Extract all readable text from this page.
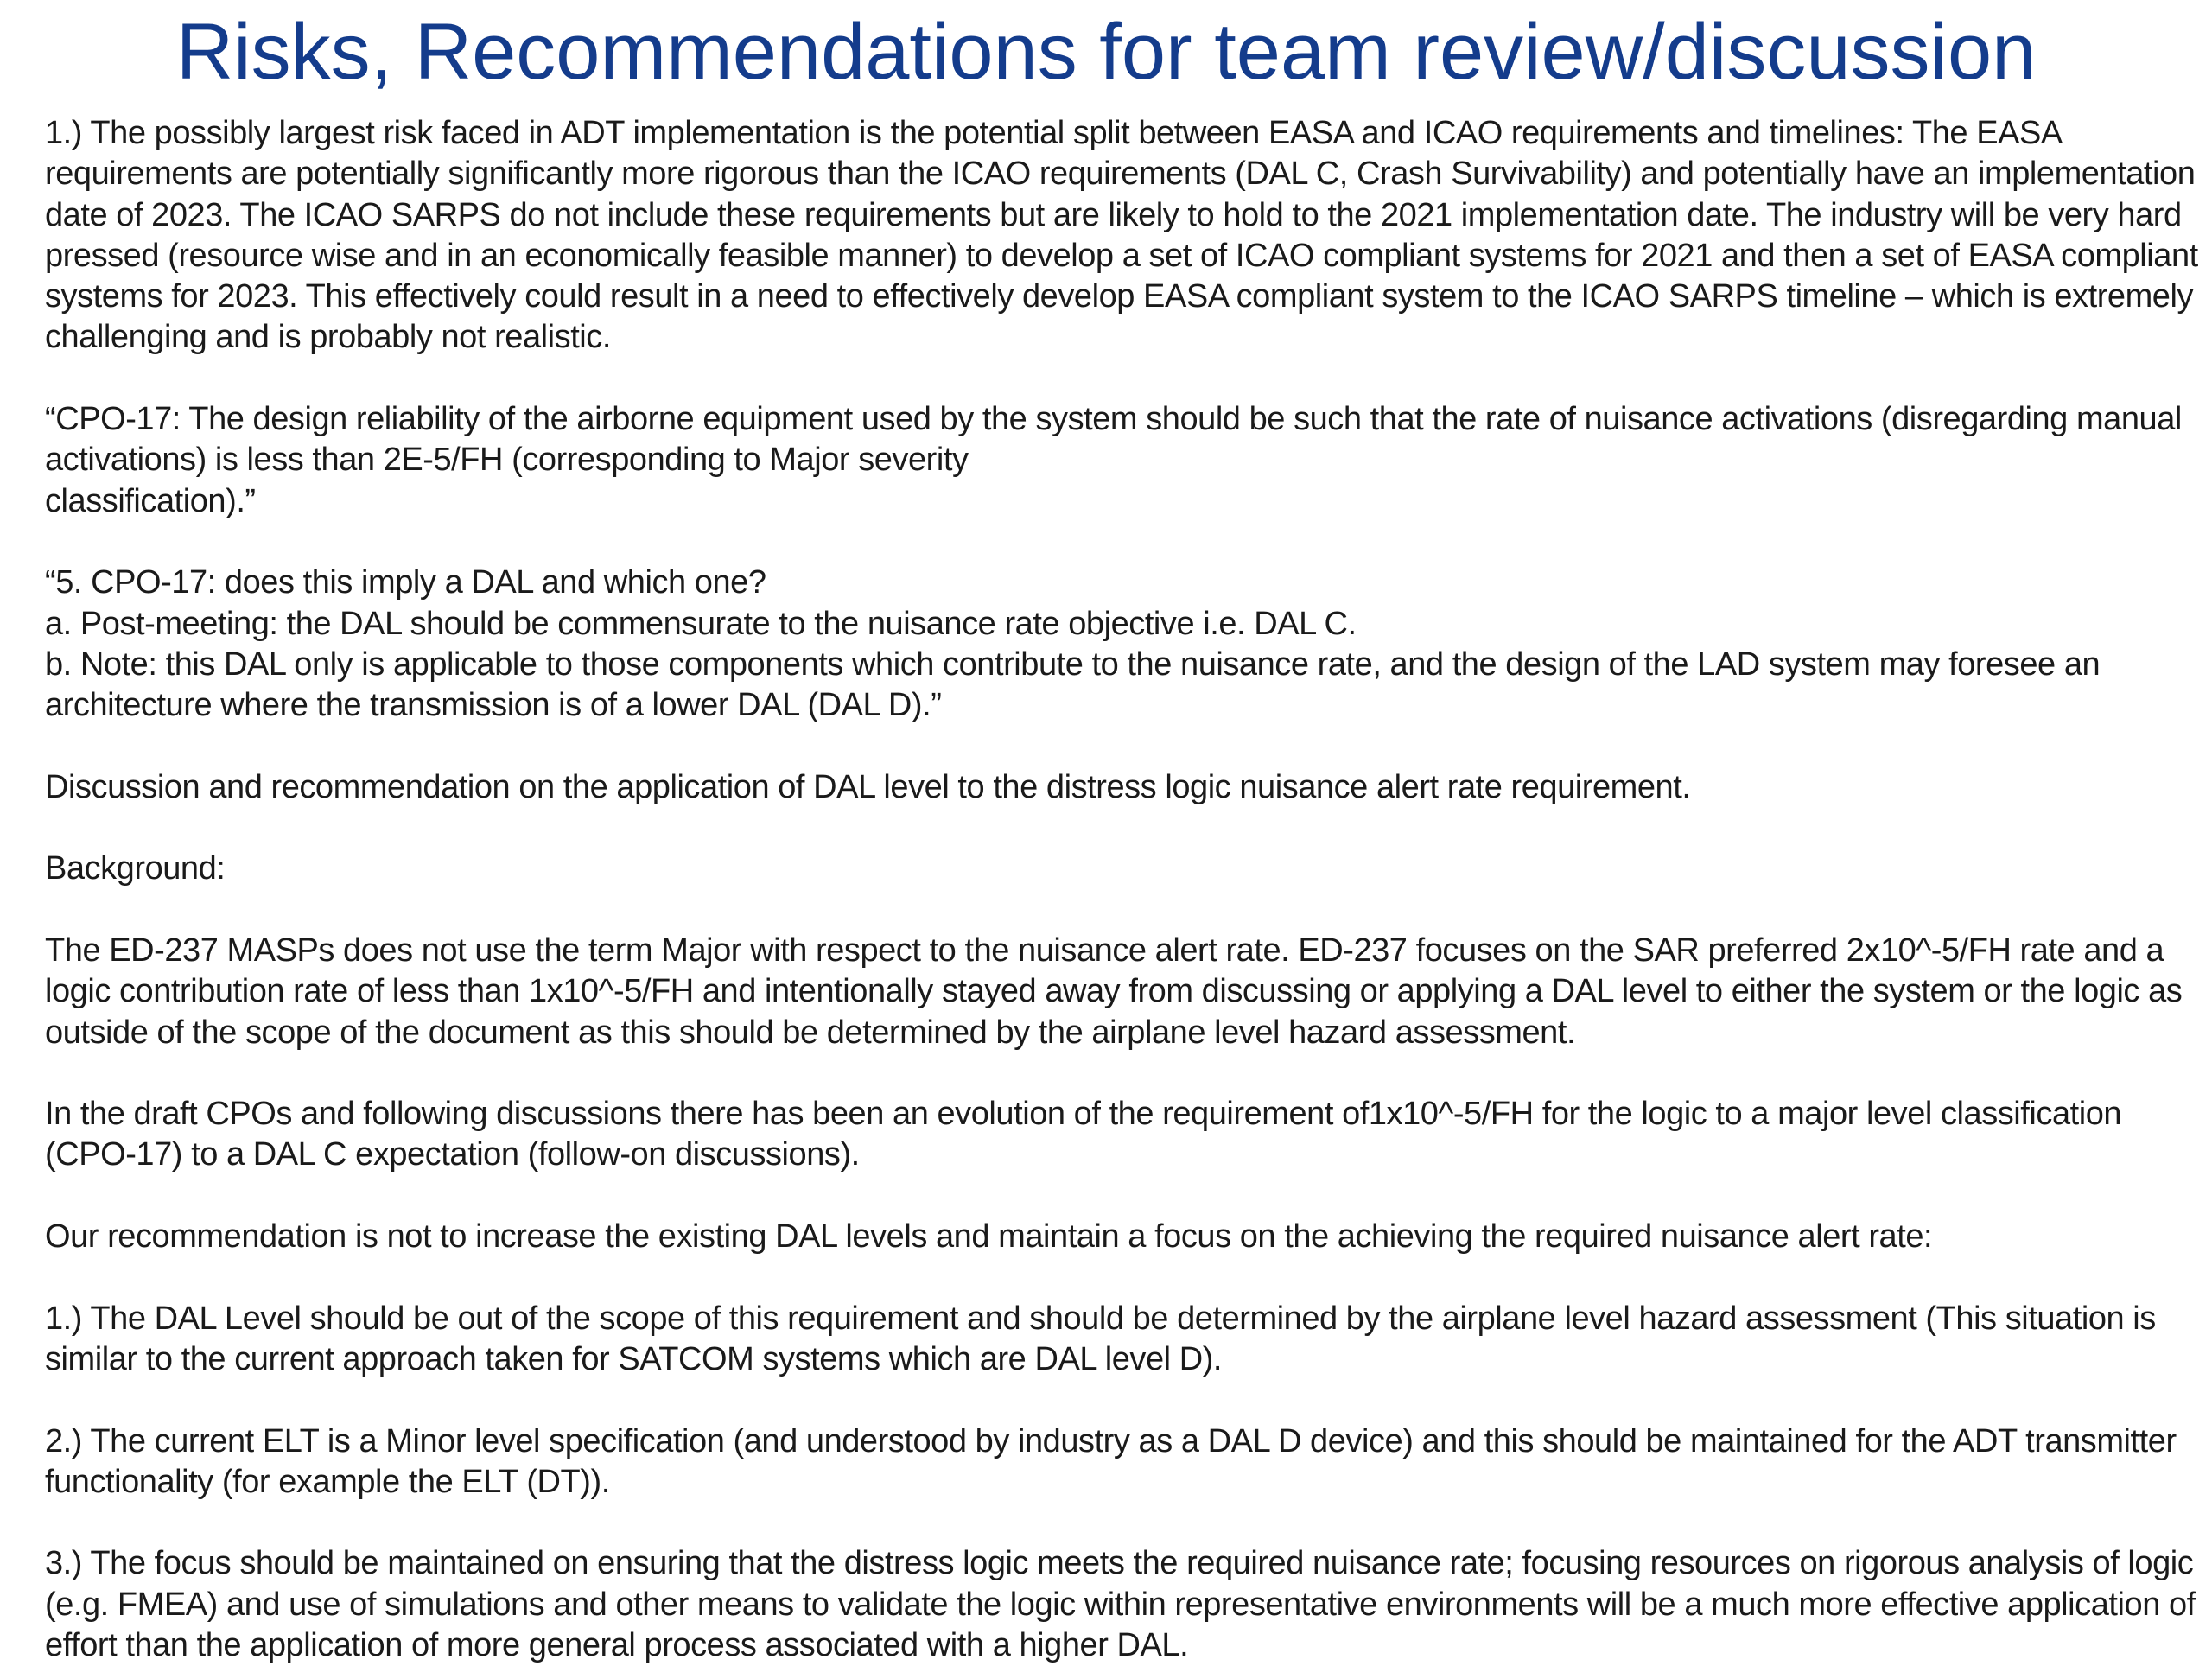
Risks, Recommendations for team review/discussion

1.) The possibly largest risk faced in ADT implementation is the potential split between EASA and ICAO requirements and timelines: The EASA requirements are potentially significantly more rigorous than the ICAO requirements (DAL C, Crash Survivability) and potentially have an implementation date of 2023. The ICAO SARPS do not include these requirements but are likely to hold to the 2021 implementation date. The industry will be very hard pressed (resource wise and in an economically feasible manner) to develop a set of ICAO compliant systems for 2021 and then a set of EASA compliant systems for 2023. This effectively could result in a need to effectively develop EASA compliant system to the ICAO SARPS timeline – which is extremely challenging and is probably not realistic.

“CPO-17: The design reliability of the airborne equipment used by the system should be such that the rate of nuisance activations (disregarding manual activations) is less than 2E-5/FH (corresponding to Major severity
classification).”

“5. CPO-17: does this imply a DAL and which one?
a. Post-meeting: the DAL should be commensurate to the nuisance rate objective i.e. DAL C.
b. Note: this DAL only is applicable to those components which contribute to the nuisance rate, and the design of the LAD system may foresee an architecture where the transmission is of a lower DAL (DAL D).”

Discussion and recommendation on the application of DAL level to the distress logic nuisance alert rate requirement.

Background:

The ED-237 MASPs does not use the term Major with respect to the nuisance alert rate. ED-237 focuses on the SAR preferred 2x10^-5/FH rate and a logic contribution rate of less than 1x10^-5/FH and intentionally stayed away from discussing or applying a DAL level to either the system or the logic as outside of the scope of the document as this should be determined by the airplane level hazard assessment.

In the draft CPOs and following discussions there has been an evolution of the requirement of1x10^-5/FH for the logic to a major level classification (CPO-17) to a DAL C expectation (follow-on discussions).

Our recommendation is not to increase the existing DAL levels and maintain a focus on the achieving the required nuisance alert rate:

1.) The DAL Level should be out of the scope of this requirement and should be determined by the airplane level hazard assessment (This situation is similar to the current approach taken for SATCOM systems which are DAL level D).

2.) The current ELT is a Minor level specification (and understood by industry as a DAL D device) and this should be maintained for the ADT transmitter functionality (for example the ELT (DT)).

3.) The focus should be maintained on ensuring that the distress logic meets the required nuisance rate; focusing resources on rigorous analysis of logic (e.g. FMEA) and use of simulations and other means to validate the logic within representative environments will be a much more effective application of effort than the application of more general process associated with a higher DAL.
